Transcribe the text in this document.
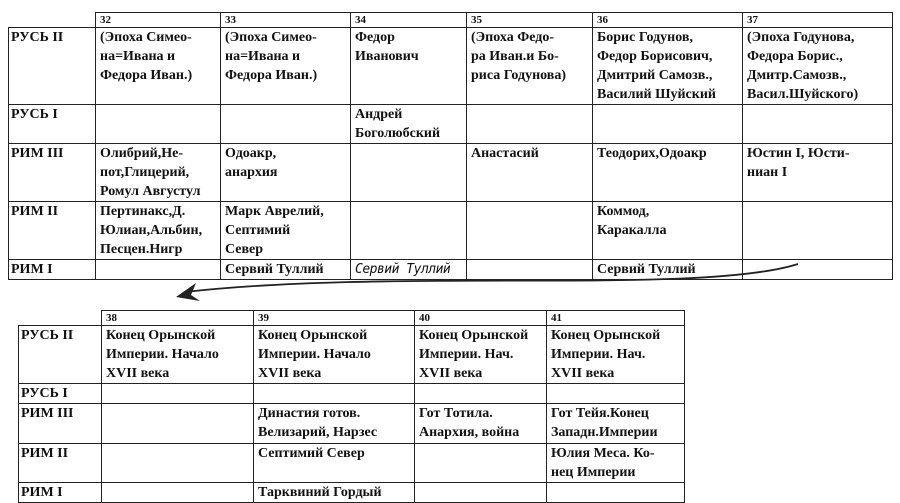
	32	33	34	35	36	37
РУСЬ II	(Эпоха Симео-
на=Ивана и
Федора Иван.)	(Эпоха Симео-
на=Ивана и
Федора Иван.)	Федор
Иванович	(Эпоха Федо-
ра Иван.и Бо-
риса Годунова)	Борис Годунов,
Федор Борисович,
Дмитрий Самозв.,
Василий Шуйский	(Эпоха Годунова,
Федора Борис.,
Дмитр.Самозв.,
Васил.Шуйского)

РУСЬ I			Андрей
Боголюбский			

РИМ III	Олибрий,Не-
пот,Глицерий,
Ромул Августул	Одоакр,
анархия		Анастасий	Теодорих,Одоакр	Юстин I, Юсти-
ниан I

РИМ II	Пертинакс,Д.
Юлиан,Альбин,
Песцен.Нигр	Марк Аврелий,
Септимий
Север			Коммод,
Каракалла	

РИМ I		Сервий Туллий	Сервий Туллий		Сервий Туллий	

	38	39	40	41
РУСЬ II	Конец Орынской
Империи. Начало
XVII века	Конец Орынской
Империи. Начало
XVII века	Конец Орынской
Империи. Нач.
XVII века	Конец Орынской
Империи. Нач.
XVII века

РУСЬ I	

РИМ III		Династия готов.
Велизарий, Нарзес	Гот Тотила.
Анархия, война	Гот Тейя.Конец
Западн.Империи

РИМ II		Септимий Север		Юлия Меса. Ко-
нец Империи

РИМ I		Тарквиний Гордый		
